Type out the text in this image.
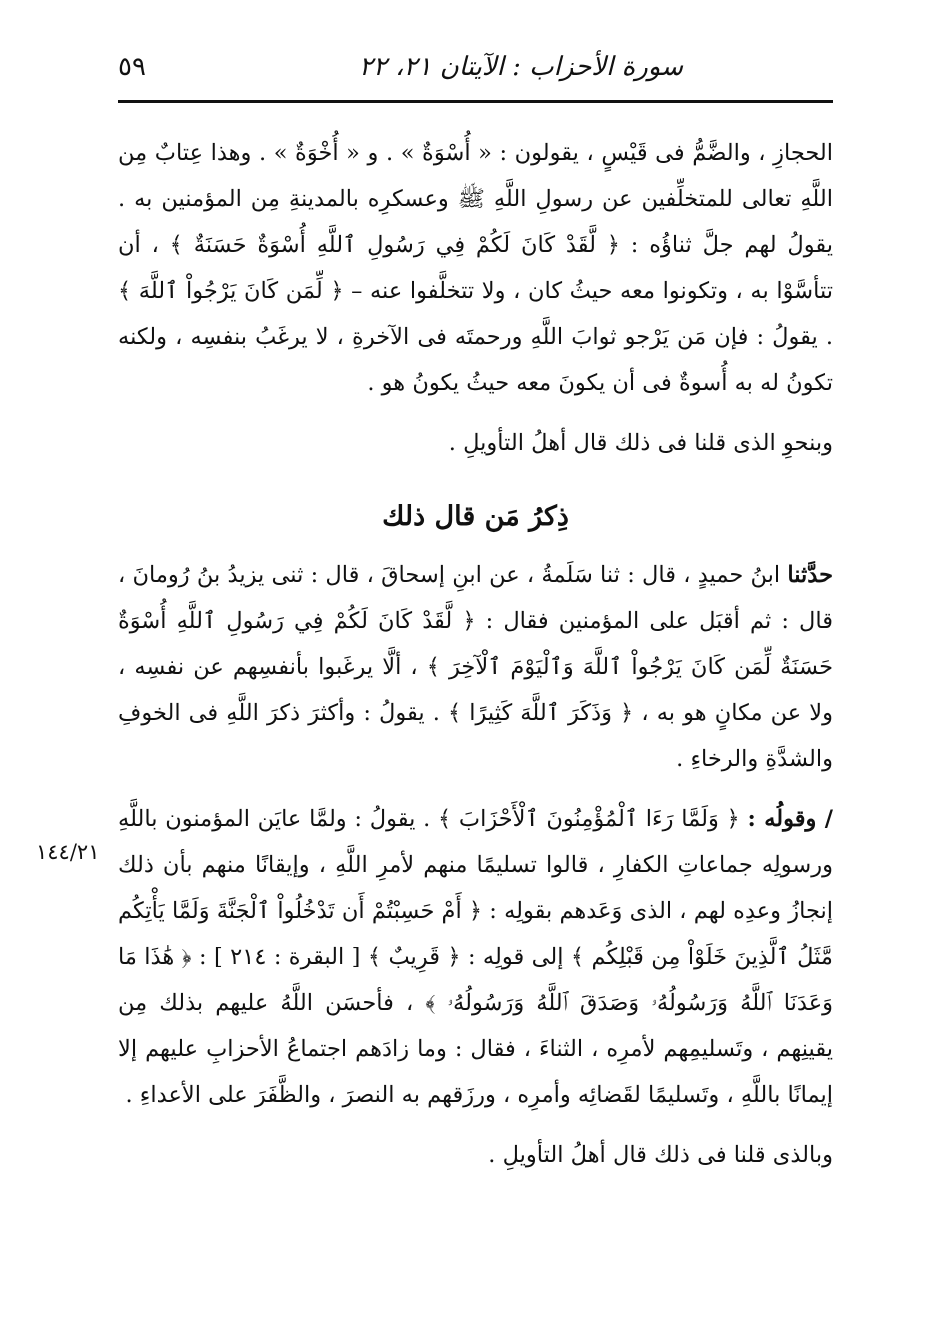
سورة الأحزاب : الآيتان ٢١، ٢٢
٥٩
١٤٤/٢١

الحجازِ ، والضَّمُّ فى قَيْسٍ ، يقولون : « أُسْوَةٌ » . و « أُخْوَةٌ » . وهذا عِتابٌ مِن اللَّهِ تعالى للمتخلِّفين عن رسولِ اللَّهِ ﷺ وعسكرِه بالمدينةِ مِن المؤمنين به . يقولُ لهم جلَّ ثناؤُه : ﴿ لَّقَدْ كَانَ لَكُمْ فِي رَسُولِ ٱللَّهِ أُسْوَةٌ حَسَنَةٌ ﴾ ، أن تتأسَّوْا به ، وتكونوا معه حيثُ كان ، ولا تتخلَّفوا عنه – ﴿ لِّمَن كَانَ يَرْجُواْ ٱللَّهَ ﴾ . يقولُ : فإن مَن يَرْجو ثوابَ اللَّهِ ورحمتَه فى الآخرةِ ، لا يرغَبُ بنفسِه ، ولكنه تكونُ له به أُسوةٌ فى أن يكونَ معه حيثُ يكونُ هو .

وبنحوِ الذى قلنا فى ذلك قال أهلُ التأويلِ .

ذِكرُ مَن قال ذلك

حدَّثنا ابنُ حميدٍ ، قال : ثنا سَلَمةُ ، عن ابنِ إسحاقَ ، قال : ثنى يزيدُ بنُ رُومانَ ، قال : ثم أقبَل على المؤمنين فقال : ﴿ لَّقَدْ كَانَ لَكُمْ فِي رَسُولِ ٱللَّهِ أُسْوَةٌ حَسَنَةٌ لِّمَن كَانَ يَرْجُواْ ٱللَّهَ وَٱلْيَوْمَ ٱلْآخِرَ ﴾ ، ألَّا يرغَبوا بأنفسِهم عن نفسِه ، ولا عن مكانٍ هو به ، ﴿ وَذَكَرَ ٱللَّهَ كَثِيرًا ﴾ . يقولُ : وأكثرَ ذكرَ اللَّهِ فى الخوفِ والشدَّةِ والرخاءِ .

/ وقولُه : ﴿ وَلَمَّا رَءَا ٱلْمُؤْمِنُونَ ٱلْأَحْزَابَ ﴾ . يقولُ : ولمَّا عايَن المؤمنون باللَّهِ ورسولِه جماعاتِ الكفارِ ، قالوا تسليمًا منهم لأمرِ اللَّهِ ، وإيقانًا منهم بأن ذلك إنجازُ وعدِه لهم ، الذى وَعَدهم بقولِه : ﴿ أَمْ حَسِبْتُمْ أَن تَدْخُلُواْ ٱلْجَنَّةَ وَلَمَّا يَأْتِكُم مَّثَلُ ٱلَّذِينَ خَلَوْاْ مِن قَبْلِكُم ﴾ إلى قولِه : ﴿ قَرِيبٌ ﴾ [ البقرة : ٢١٤ ] : ﴿ هَٰذَا مَا وَعَدَنَا ٱللَّهُ وَرَسُولُهُۥ وَصَدَقَ ٱللَّهُ وَرَسُولُهُۥ ﴾ ، فأحسَن اللَّهُ عليهم بذلك مِن يقينِهم ، وتَسليمِهم لأمرِه ، الثناءَ ، فقال : وما زادَهم اجتماعُ الأحزابِ عليهم إلا إيمانًا باللَّهِ ، وتَسليمًا لقَضائِه وأمرِه ، ورزَقهم به النصرَ ، والظَّفَرَ على الأعداءِ .

وبالذى قلنا فى ذلك قال أهلُ التأويلِ .
